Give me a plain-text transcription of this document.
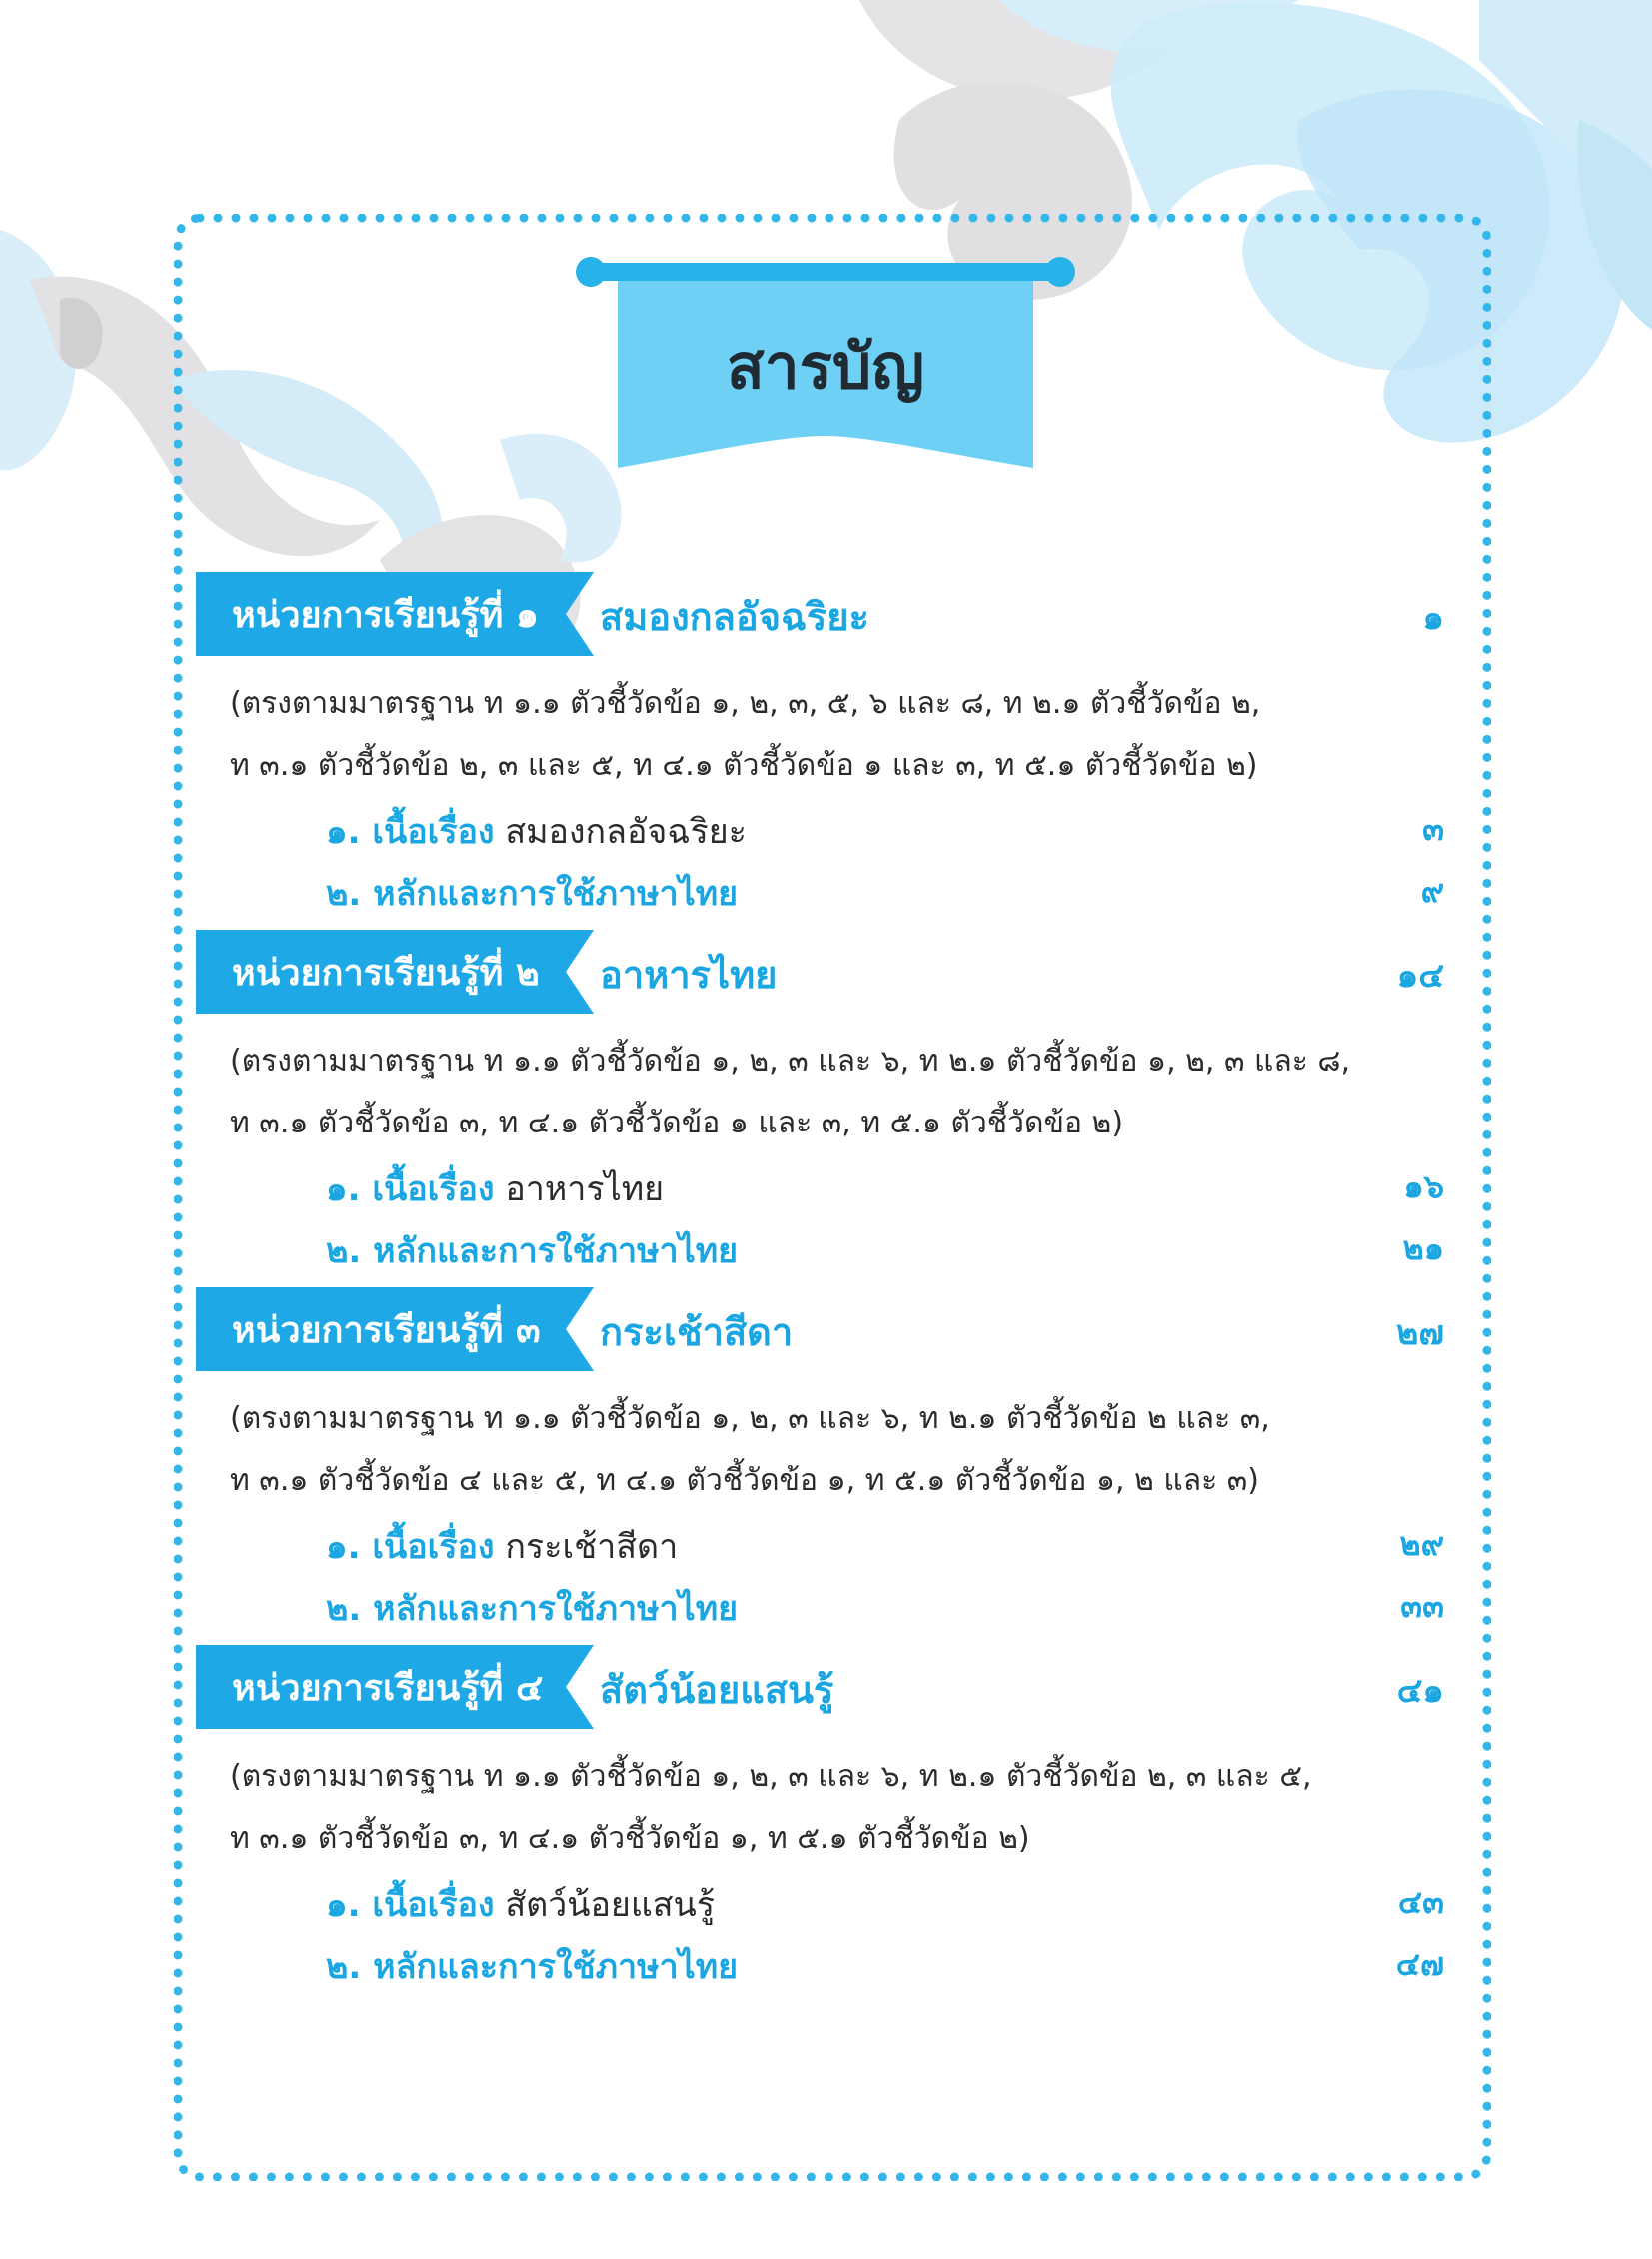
สารบัญ
หน่วยการเรียนรู้ที่ ๑ สมองกลอัจฉริยะ	๑
(ตรงตามมาตรฐาน ท ๑.๑ ตัวชี้วัดข้อ ๑, ๒, ๓, ๕, ๖ และ ๘, ท ๒.๑ ตัวชี้วัดข้อ ๒,
ท ๓.๑ ตัวชี้วัดข้อ ๒, ๓ และ ๕, ท ๔.๑ ตัวชี้วัดข้อ ๑ และ ๓, ท ๕.๑ ตัวชี้วัดข้อ ๒)
๑. เนื้อเรื่อง สมองกลอัจฉริยะ	๓
๒. หลักและการใช้ภาษาไทย	๙
หน่วยการเรียนรู้ที่ ๒ อาหารไทย	๑๔
(ตรงตามมาตรฐาน ท ๑.๑ ตัวชี้วัดข้อ ๑, ๒, ๓ และ ๖, ท ๒.๑ ตัวชี้วัดข้อ ๑, ๒, ๓ และ ๘,
ท ๓.๑ ตัวชี้วัดข้อ ๓, ท ๔.๑ ตัวชี้วัดข้อ ๑ และ ๓, ท ๕.๑ ตัวชี้วัดข้อ ๒)
๑. เนื้อเรื่อง อาหารไทย	๑๖
๒. หลักและการใช้ภาษาไทย	๒๑
หน่วยการเรียนรู้ที่ ๓ กระเช้าสีดา	๒๗
(ตรงตามมาตรฐาน ท ๑.๑ ตัวชี้วัดข้อ ๑, ๒, ๓ และ ๖, ท ๒.๑ ตัวชี้วัดข้อ ๒ และ ๓,
ท ๓.๑ ตัวชี้วัดข้อ ๔ และ ๕, ท ๔.๑ ตัวชี้วัดข้อ ๑, ท ๕.๑ ตัวชี้วัดข้อ ๑, ๒ และ ๓)
๑. เนื้อเรื่อง กระเช้าสีดา	๒๙
๒. หลักและการใช้ภาษาไทย	๓๓
หน่วยการเรียนรู้ที่ ๔ สัตว์น้อยแสนรู้	๔๑
(ตรงตามมาตรฐาน ท ๑.๑ ตัวชี้วัดข้อ ๑, ๒, ๓ และ ๖, ท ๒.๑ ตัวชี้วัดข้อ ๒, ๓ และ ๕,
ท ๓.๑ ตัวชี้วัดข้อ ๓, ท ๔.๑ ตัวชี้วัดข้อ ๑, ท ๕.๑ ตัวชี้วัดข้อ ๒)
๑. เนื้อเรื่อง สัตว์น้อยแสนรู้	๔๓
๒. หลักและการใช้ภาษาไทย	๔๗
